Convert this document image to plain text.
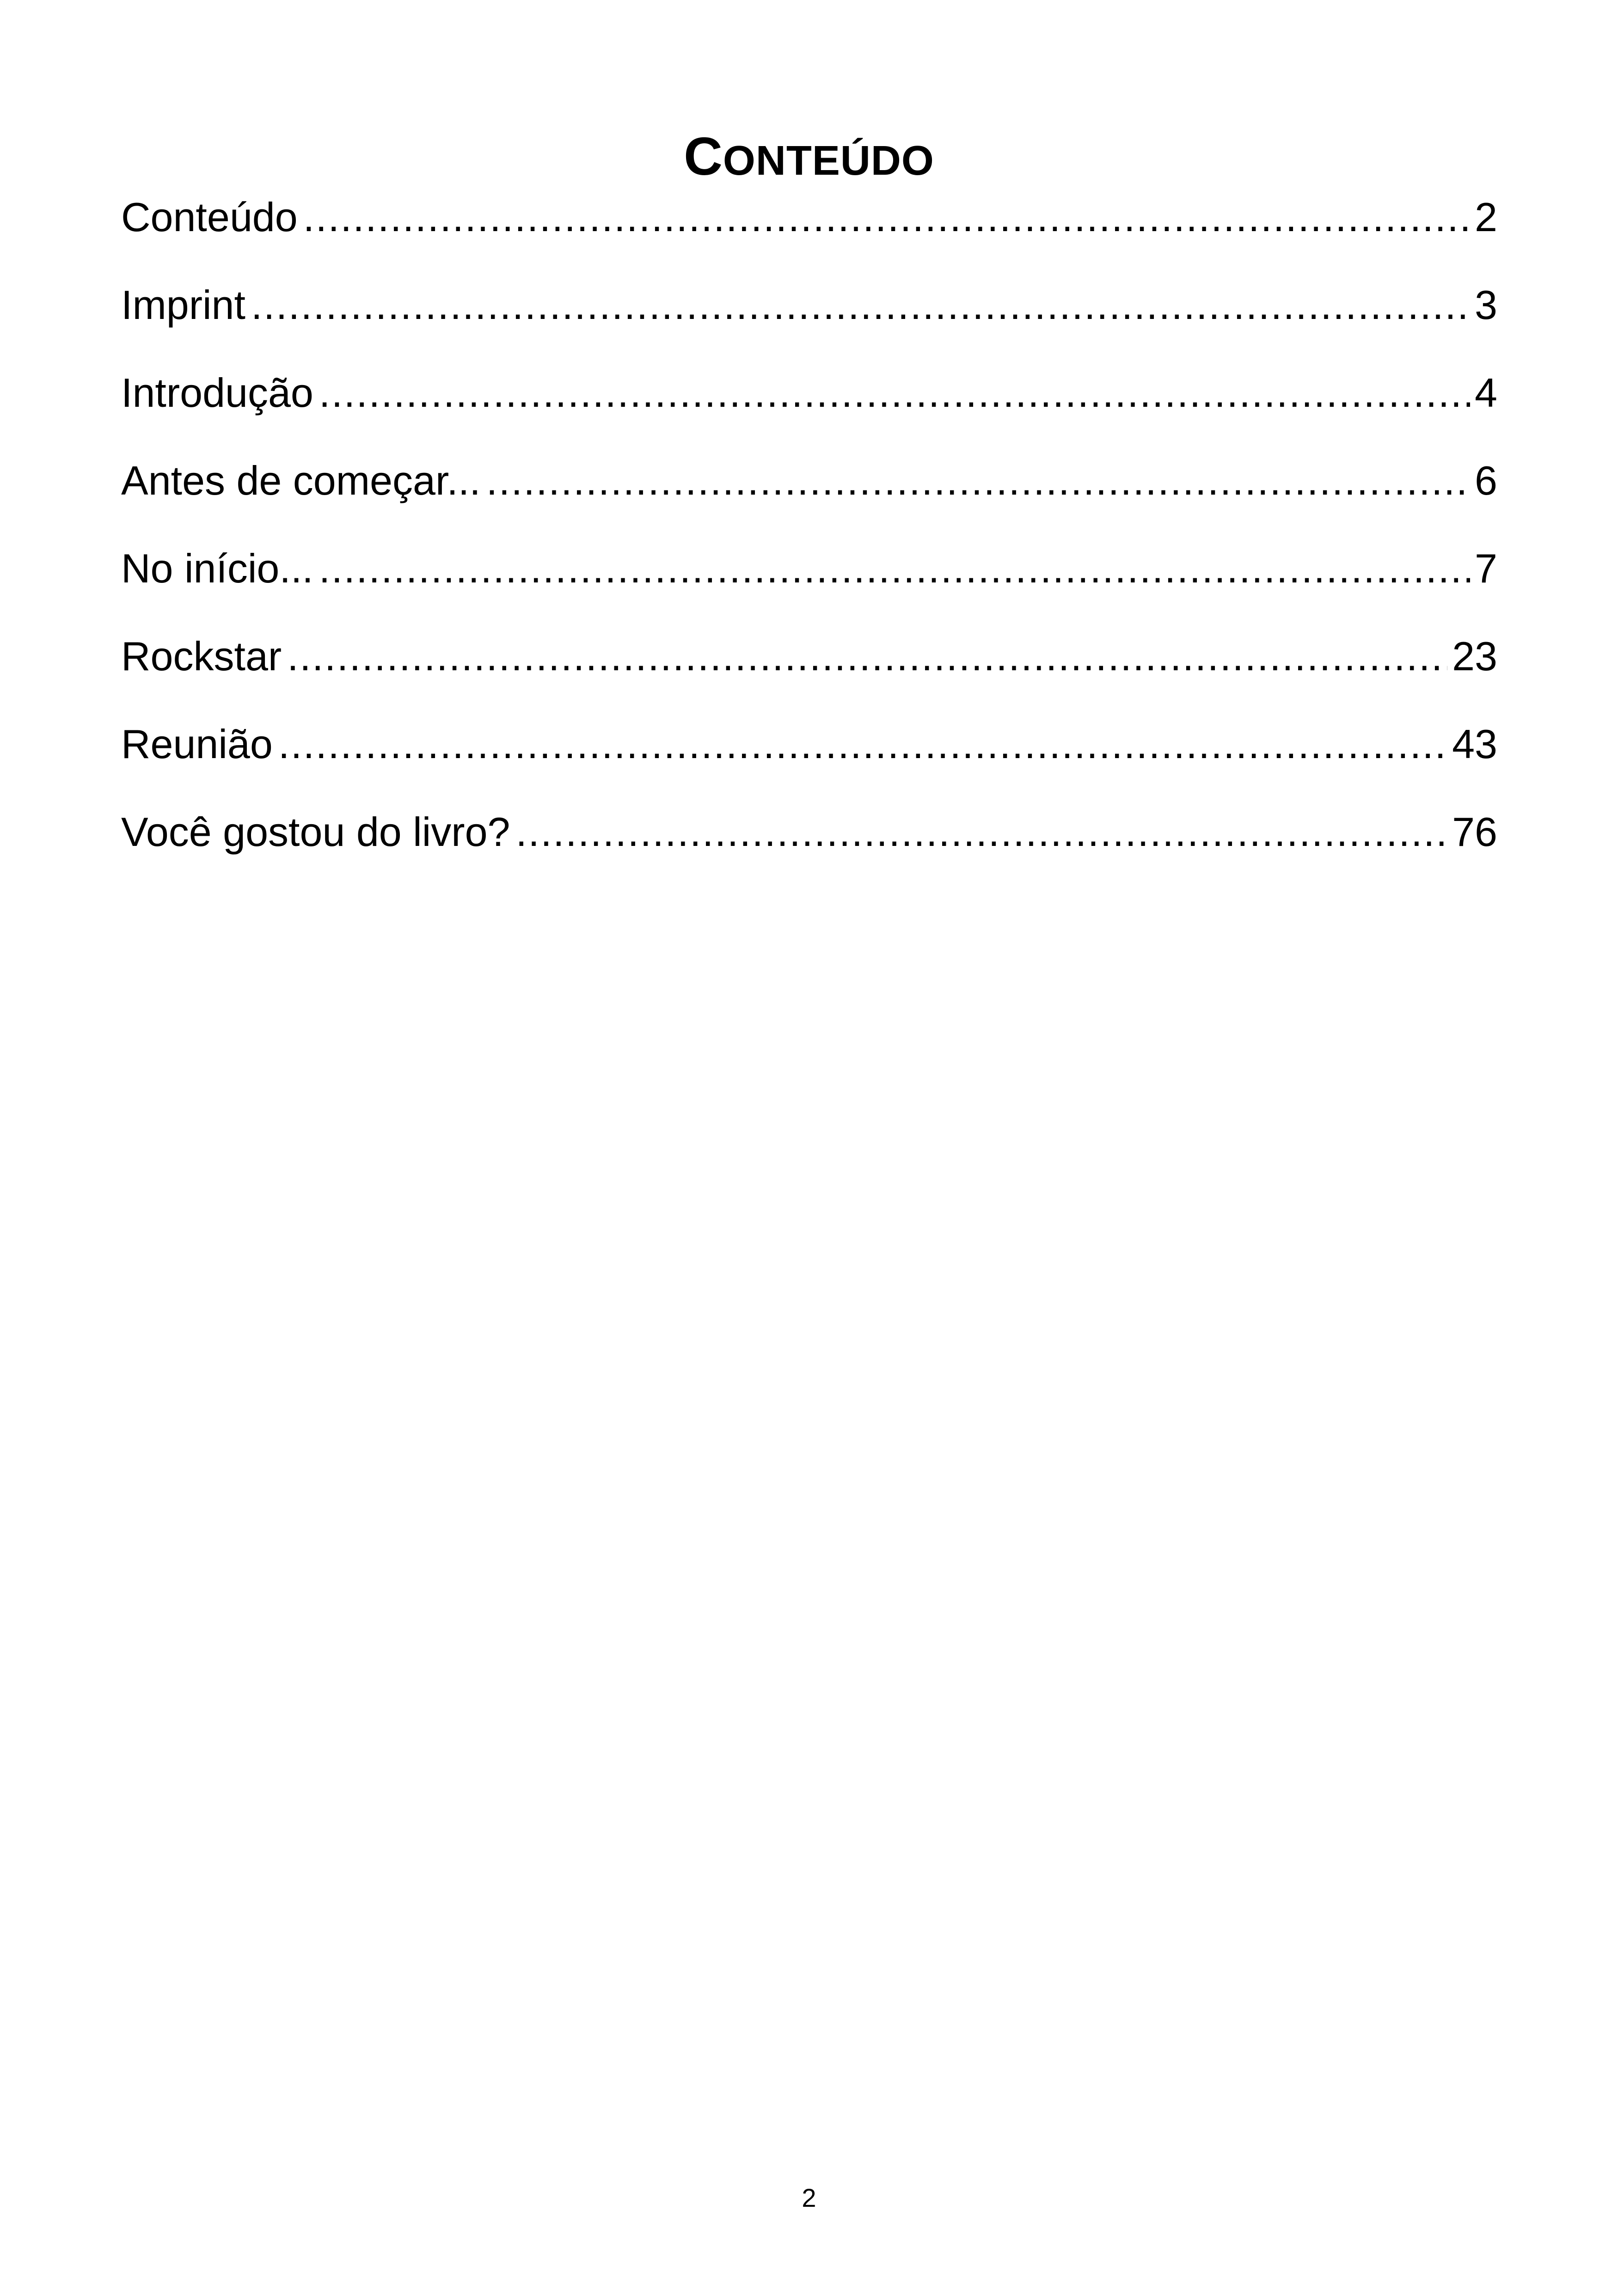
CONTEÚDO
Conteúdo . . .	2
Imprint . . .	3
Introdução . . .	4
Antes de começar... . . .	6
No início... . . .	7
Rockstar . . .	23
Reunião . . .	43
Você gostou do livro? . . .	76
2
